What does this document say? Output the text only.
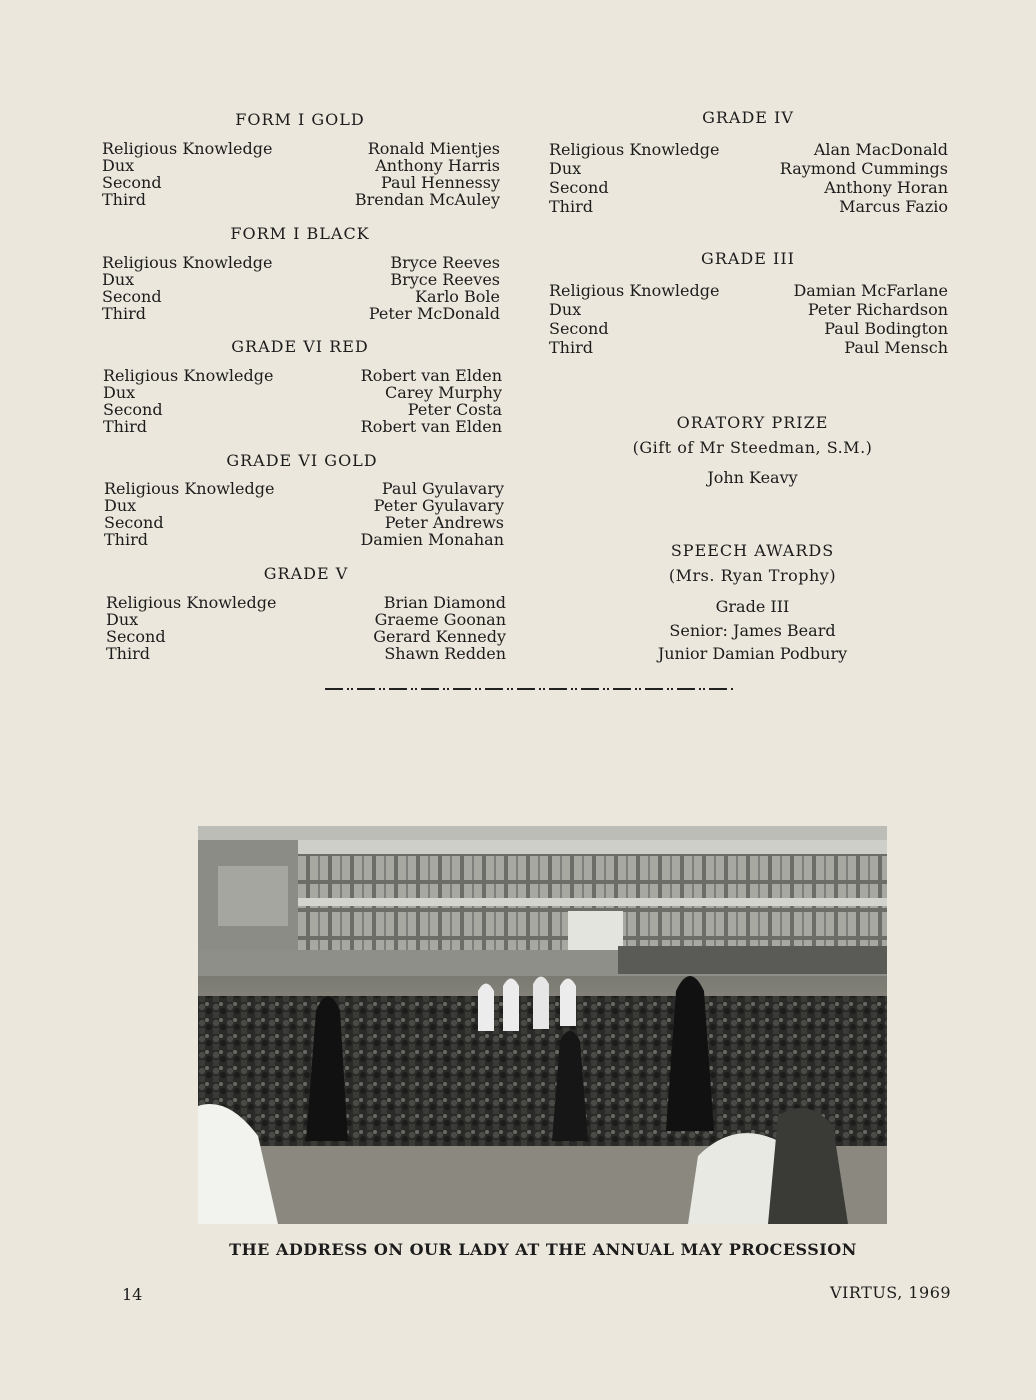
FORM I GOLD
Religious Knowledge	Ronald Mientjes
Dux	Anthony Harris
Second	Paul Hennessy
Third	Brendan McAuley
FORM I BLACK
Religious Knowledge	Bryce Reeves
Dux	Bryce Reeves
Second	Karlo Bole
Third	Peter McDonald
GRADE VI RED
Religious Knowledge	Robert van Elden
Dux	Carey Murphy
Second	Peter Costa
Third	Robert van Elden
GRADE VI GOLD
Religious Knowledge	Paul Gyulavary
Dux	Peter Gyulavary
Second	Peter Andrews
Third	Damien Monahan
GRADE V
Religious Knowledge	Brian Diamond
Dux	Graeme Goonan
Second	Gerard Kennedy
Third	Shawn Redden
GRADE IV
Religious Knowledge	Alan MacDonald
Dux	Raymond Cummings
Second	Anthony Horan
Third	Marcus Fazio
GRADE III
Religious Knowledge	Damian McFarlane
Dux	Peter Richardson
Second	Paul Bodington
Third	Paul Mensch
ORATORY PRIZE
(Gift of Mr Steedman, S.M.)
John Keavy
SPEECH AWARDS
(Mrs. Ryan Trophy)
Grade III
Senior: James Beard
Junior Damian Podbury
THE ADDRESS ON OUR LADY AT THE ANNUAL MAY PROCESSION
14	VIRTUS, 1969
